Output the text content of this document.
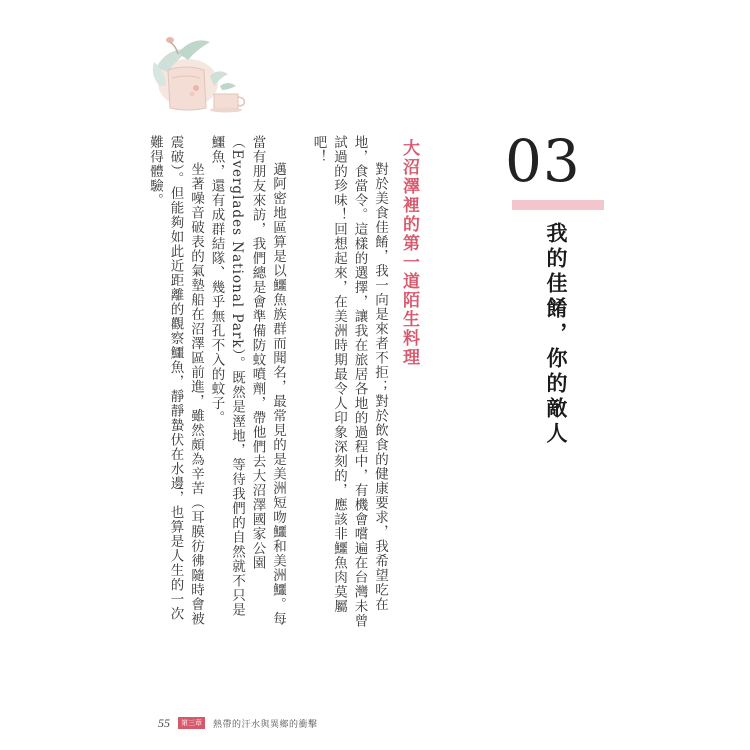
03
我的佳餚，你的敵人
大沼澤裡的第一道陌生料理

對於美食佳餚，我一向是來者不拒；對於飲食的健康要求，我希望吃在地，食當令。這樣的選擇，讓我在旅居各地的過程中，有機會嚐遍在台灣未曾試過的珍味！回想起來，在美洲時期最令人印象深刻的，應該非鱷魚肉莫屬吧！

邁阿密地區算是以鱷魚族群而聞名，最常見的是美洲短吻鱷和美洲鱷。每當有朋友來訪，我們總是會準備防蚊噴劑，帶他們去大沼澤國家公園（Everglades National Park）。既然是溼地，等待我們的自然就不只是鱷魚，還有成群結隊、幾乎無孔不入的蚊子。

坐著噪音破表的氣墊船在沼澤區前進，雖然頗為辛苦（耳膜彷彿隨時會被震破）。但能夠如此近距離的觀察鱷魚，靜靜蟄伏在水邊，也算是人生的一次難得體驗。

55	第三章	熱帶的汗水與異鄉的衝擊
